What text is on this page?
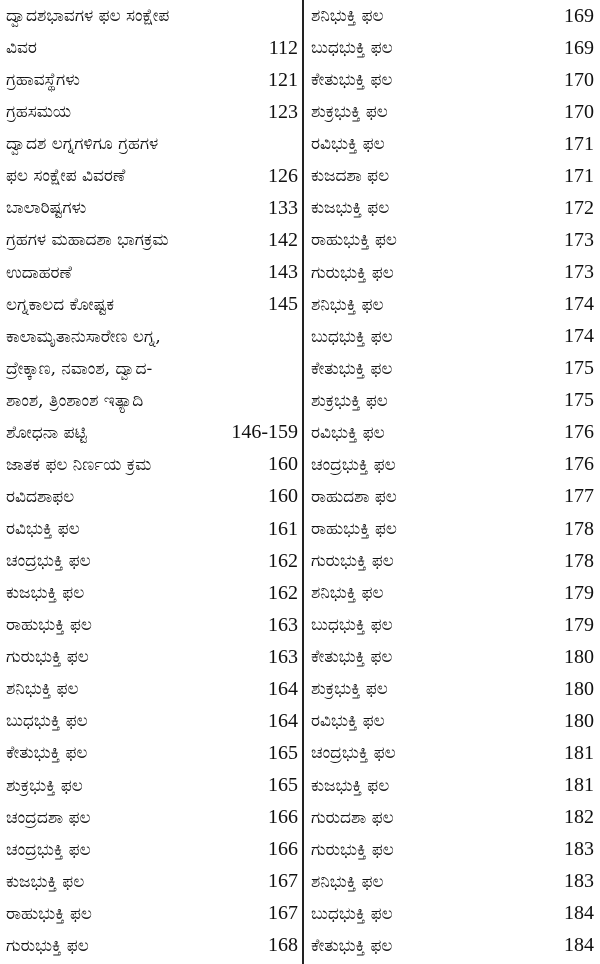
ದ್ವಾದಶಭಾವಗಳ ಫಲ ಸಂಕ್ಷೇಪ
ವಿವರ	112
ಗ್ರಹಾವಸ್ಥೆಗಳು	121
ಗ್ರಹಸಮಯ	123
ದ್ವಾದಶ ಲಗ್ನಗಳಿಗೂ ಗ್ರಹಗಳ
ಫಲ ಸಂಕ್ಷೇಪ ವಿವರಣೆ	126
ಬಾಲಾರಿಷ್ಟಗಳು	133
ಗ್ರಹಗಳ ಮಹಾದಶಾ ಭಾಗಕ್ರಮ	142
ಉದಾಹರಣೆ	143
ಲಗ್ನಕಾಲದ ಕೋಷ್ಟಕ	145
ಕಾಲಾಮೃತಾನುಸಾರೇಣ ಲಗ್ನ,
ದ್ರೇಕ್ಕಾಣ, ನವಾಂಶ, ದ್ವಾದ-
ಶಾಂಶ, ತ್ರಿಂಶಾಂಶ ಇತ್ಯಾದಿ
ಶೋಧನಾ ಪಟ್ಟಿ	146-159
ಜಾತಕ ಫಲ ನಿರ್ಣಯ ಕ್ರಮ	160
ರವಿದಶಾಫಲ	160
ರವಿಭುಕ್ತಿ ಫಲ	161
ಚಂದ್ರಭುಕ್ತಿ ಫಲ	162
ಕುಜಭುಕ್ತಿ ಫಲ	162
ರಾಹುಭುಕ್ತಿ ಫಲ	163
ಗುರುಭುಕ್ತಿ ಫಲ	163
ಶನಿಭುಕ್ತಿ ಫಲ	164
ಬುಧಭುಕ್ತಿ ಫಲ	164
ಕೇತುಭುಕ್ತಿ ಫಲ	165
ಶುಕ್ರಭುಕ್ತಿ ಫಲ	165
ಚಂದ್ರದಶಾ ಫಲ	166
ಚಂದ್ರಭುಕ್ತಿ ಫಲ	166
ಕುಜಭುಕ್ತಿ ಫಲ	167
ರಾಹುಭುಕ್ತಿ ಫಲ	167
ಗುರುಭುಕ್ತಿ ಫಲ	168
ಶನಿಭುಕ್ತಿ ಫಲ	169
ಬುಧಭುಕ್ತಿ ಫಲ	169
ಕೇತುಭುಕ್ತಿ ಫಲ	170
ಶುಕ್ರಭುಕ್ತಿ ಫಲ	170
ರವಿಭುಕ್ತಿ ಫಲ	171
ಕುಜದಶಾ ಫಲ	171
ಕುಜಭುಕ್ತಿ ಫಲ	172
ರಾಹುಭುಕ್ತಿ ಫಲ	173
ಗುರುಭುಕ್ತಿ ಫಲ	173
ಶನಿಭುಕ್ತಿ ಫಲ	174
ಬುಧಭುಕ್ತಿ ಫಲ	174
ಕೇತುಭುಕ್ತಿ ಫಲ	175
ಶುಕ್ರಭುಕ್ತಿ ಫಲ	175
ರವಿಭುಕ್ತಿ ಫಲ	176
ಚಂದ್ರಭುಕ್ತಿ ಫಲ	176
ರಾಹುದಶಾ ಫಲ	177
ರಾಹುಭುಕ್ತಿ ಫಲ	178
ಗುರುಭುಕ್ತಿ ಫಲ	178
ಶನಿಭುಕ್ತಿ ಫಲ	179
ಬುಧಭುಕ್ತಿ ಫಲ	179
ಕೇತುಭುಕ್ತಿ ಫಲ	180
ಶುಕ್ರಭುಕ್ತಿ ಫಲ	180
ರವಿಭುಕ್ತಿ ಫಲ	180
ಚಂದ್ರಭುಕ್ತಿ ಫಲ	181
ಕುಜಭುಕ್ತಿ ಫಲ	181
ಗುರುದಶಾ ಫಲ	182
ಗುರುಭುಕ್ತಿ ಫಲ	183
ಶನಿಭುಕ್ತಿ ಫಲ	183
ಬುಧಭುಕ್ತಿ ಫಲ	184
ಕೇತುಭುಕ್ತಿ ಫಲ	184
